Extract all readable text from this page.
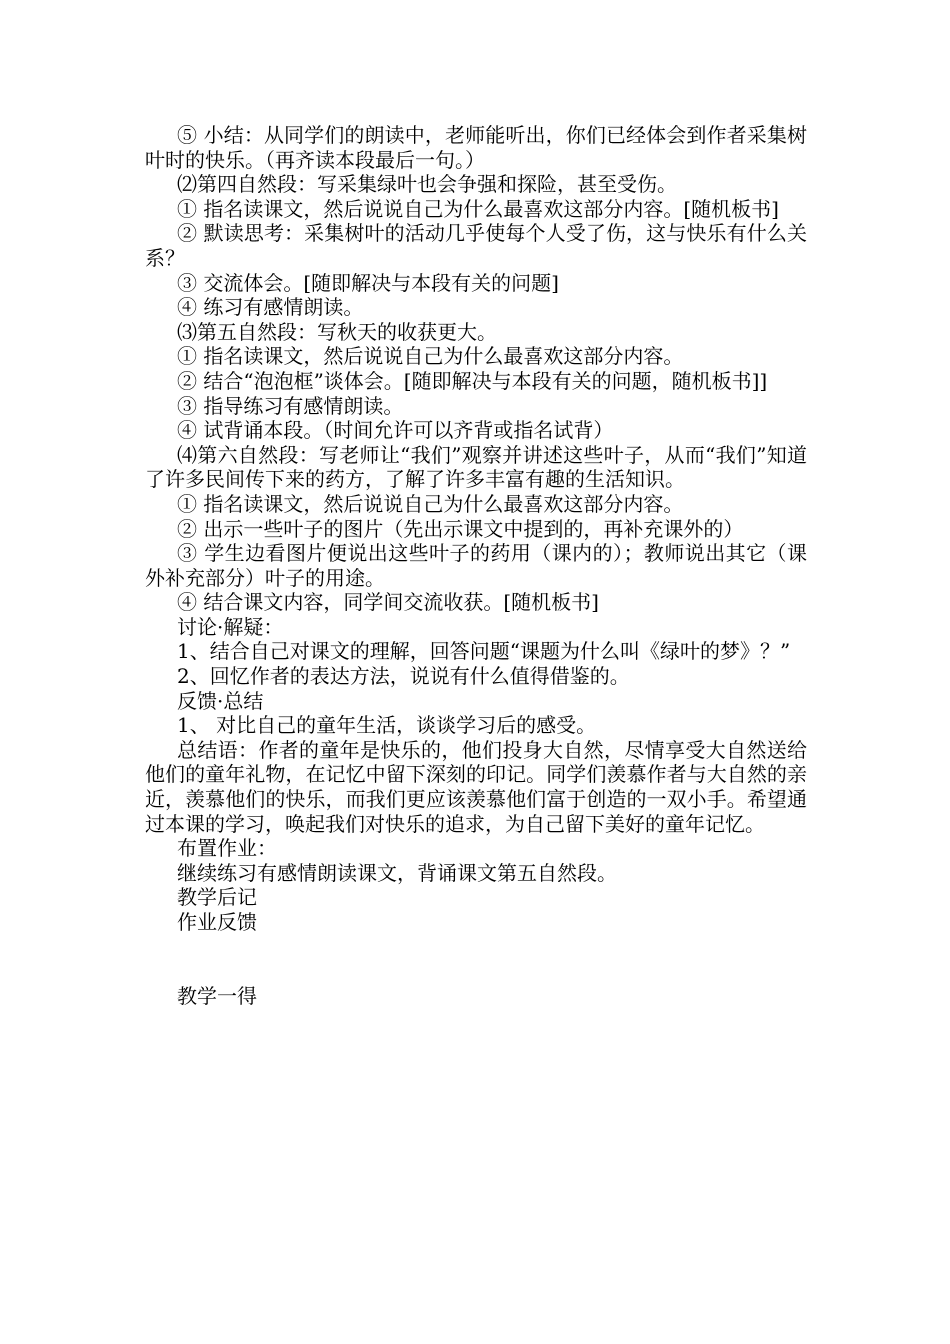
⑤ 小结：从同学们的朗读中，老师能听出，你们已经体会到作者采集树叶时的快乐。（再齐读本段最后一句。）

⑵第四自然段：写采集绿叶也会争强和探险，甚至受伤。

① 指名读课文，然后说说自己为什么最喜欢这部分内容。[随机板书]

② 默读思考：采集树叶的活动几乎使每个人受了伤，这与快乐有什么关系？

③ 交流体会。[随即解决与本段有关的问题]

④ 练习有感情朗读。

⑶第五自然段：写秋天的收获更大。

① 指名读课文，然后说说自己为什么最喜欢这部分内容。

② 结合“泡泡框”谈体会。[随即解决与本段有关的问题，随机板书]]

③ 指导练习有感情朗读。

④ 试背诵本段。（时间允许可以齐背或指名试背）

⑷第六自然段：写老师让“我们”观察并讲述这些叶子，从而“我们”知道了许多民间传下来的药方，了解了许多丰富有趣的生活知识。

① 指名读课文，然后说说自己为什么最喜欢这部分内容。

② 出示一些叶子的图片（先出示课文中提到的，再补充课外的）

③ 学生边看图片便说出这些叶子的药用（课内的）；教师说出其它（课外补充部分）叶子的用途。

④ 结合课文内容，同学间交流收获。[随机板书]

讨论·解疑：

1、结合自己对课文的理解，回答问题“课题为什么叫《绿叶的梦》？”

2、回忆作者的表达方法，说说有什么值得借鉴的。

反馈·总结

1、 对比自己的童年生活，谈谈学习后的感受。

总结语：作者的童年是快乐的，他们投身大自然，尽情享受大自然送给他们的童年礼物，在记忆中留下深刻的印记。同学们羡慕作者与大自然的亲近，羡慕他们的快乐，而我们更应该羡慕他们富于创造的一双小手。希望通过本课的学习，唤起我们对快乐的追求，为自己留下美好的童年记忆。

布置作业：

继续练习有感情朗读课文，背诵课文第五自然段。

教学后记

作业反馈

教学一得
